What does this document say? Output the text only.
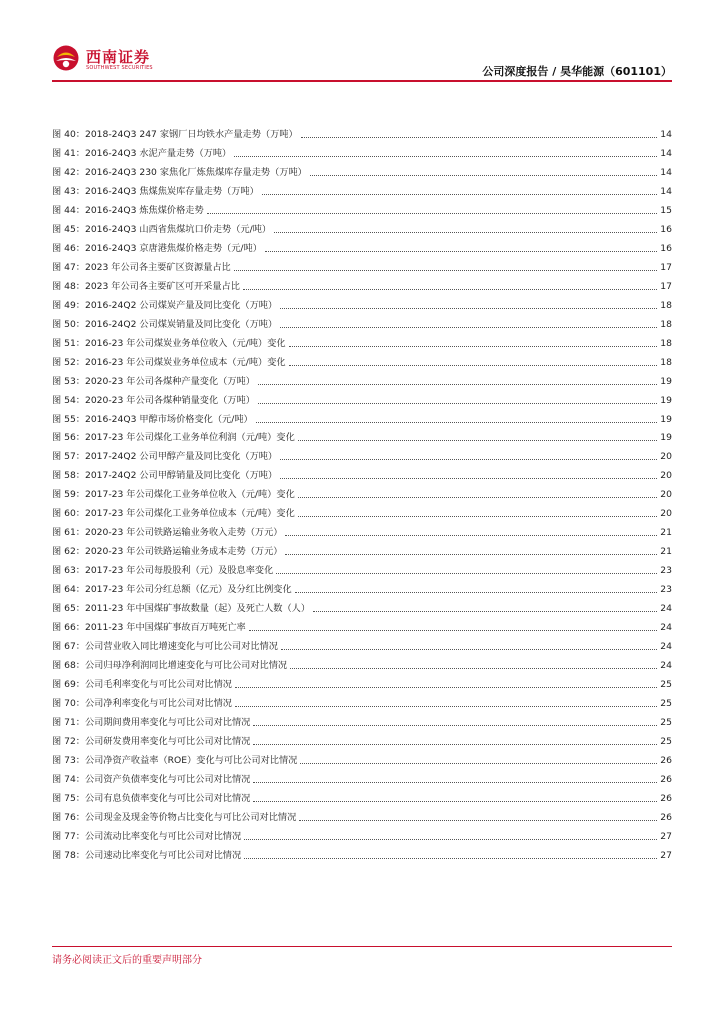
西南证券
SOUTHWEST SECURITIES	公司深度报告 / 昊华能源（601101）
图 40：2018-24Q3 247 家钢厂日均铁水产量走势（万吨）	14
图 41：2016-24Q3 水泥产量走势（万吨）	14
图 42：2016-24Q3 230 家焦化厂炼焦煤库存量走势（万吨）	14
图 43：2016-24Q3 焦煤焦炭库存量走势（万吨）	14
图 44：2016-24Q3 炼焦煤价格走势	15
图 45：2016-24Q3 山西省焦煤坑口价走势（元/吨）	16
图 46：2016-24Q3 京唐港焦煤价格走势（元/吨）	16
图 47：2023 年公司各主要矿区资源量占比	17
图 48：2023 年公司各主要矿区可开采量占比	17
图 49：2016-24Q2 公司煤炭产量及同比变化（万吨）	18
图 50：2016-24Q2 公司煤炭销量及同比变化（万吨）	18
图 51：2016-23 年公司煤炭业务单位收入（元/吨）变化	18
图 52：2016-23 年公司煤炭业务单位成本（元/吨）变化	18
图 53：2020-23 年公司各煤种产量变化（万吨）	19
图 54：2020-23 年公司各煤种销量变化（万吨）	19
图 55：2016-24Q3 甲醇市场价格变化（元/吨）	19
图 56：2017-23 年公司煤化工业务单位利润（元/吨）变化	19
图 57：2017-24Q2 公司甲醇产量及同比变化（万吨）	20
图 58：2017-24Q2 公司甲醇销量及同比变化（万吨）	20
图 59：2017-23 年公司煤化工业务单位收入（元/吨）变化	20
图 60：2017-23 年公司煤化工业务单位成本（元/吨）变化	20
图 61：2020-23 年公司铁路运输业务收入走势（万元）	21
图 62：2020-23 年公司铁路运输业务成本走势（万元）	21
图 63：2017-23 年公司每股股利（元）及股息率变化	23
图 64：2017-23 年公司分红总额（亿元）及分红比例变化	23
图 65：2011-23 年中国煤矿事故数量（起）及死亡人数（人）	24
图 66：2011-23 年中国煤矿事故百万吨死亡率	24
图 67：公司营业收入同比增速变化与可比公司对比情况	24
图 68：公司归母净利润同比增速变化与可比公司对比情况	24
图 69：公司毛利率变化与可比公司对比情况	25
图 70：公司净利率变化与可比公司对比情况	25
图 71：公司期间费用率变化与可比公司对比情况	25
图 72：公司研发费用率变化与可比公司对比情况	25
图 73：公司净资产收益率（ROE）变化与可比公司对比情况	26
图 74：公司资产负债率变化与可比公司对比情况	26
图 75：公司有息负债率变化与可比公司对比情况	26
图 76：公司现金及现金等价物占比变化与可比公司对比情况	26
图 77：公司流动比率变化与可比公司对比情况	27
图 78：公司速动比率变化与可比公司对比情况	27
请务必阅读正文后的重要声明部分
